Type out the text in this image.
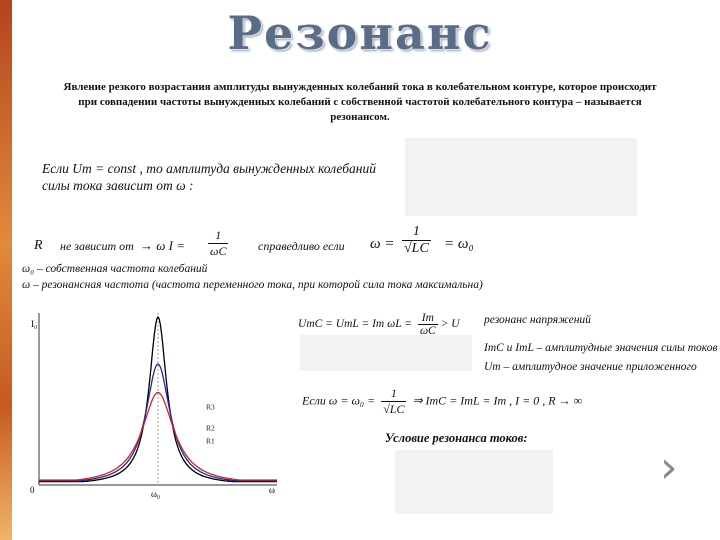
Резонанс
Явление резкого возрастания амплитуды вынужденных колебаний тока в колебательном контуре, которое происходит при совпадении частоты вынужденных колебаний с собственной частотой колебательного контура – называется резонансом.
Если Um = const , то амплитуда вынужденных колебаний
силы тока зависит от ω :
R не зависит от → ω $I = \frac{1}{\omega C}$ справедливо если $\omega = \frac{1}{√LC} = \omega_0$
ω₀ – собственная частота колебаний
ω – резонансная частота (частота переменного тока, при которой сила тока максимальна)
R3
R2
R1
I₀
0	ω₀	ω
UmC = UmL = Im $\omega L = \frac{Im}{\omega C} > U$ резонанс напряжений
ImC и ImL – амплитудные значения силы токов
Um – амплитудное значение приложенного
Если $\omega = \omega_0 = \frac{1}{√LC}$ ⇒ ImC = ImL = Im , I = 0 , R → ∞
Условие резонанса токов:
›
